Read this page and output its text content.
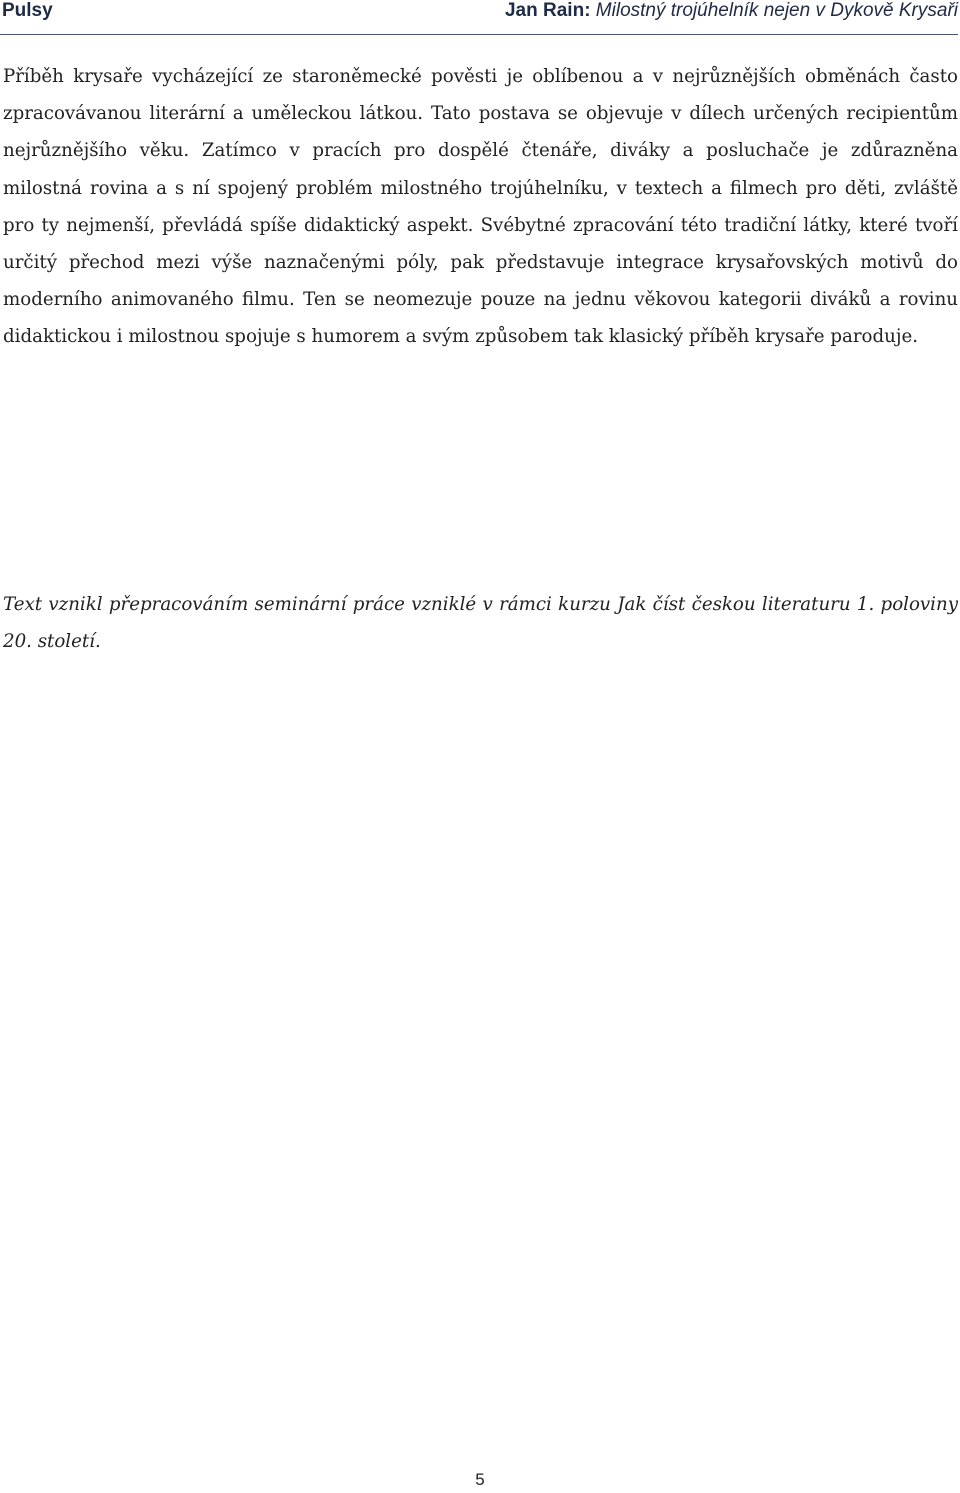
Pulsy	Jan Rain: Milostný trojúhelník nejen v Dykově Krysaři

Příběh krysaře vycházející ze staroněmecké pověsti je oblíbenou a v nejrůznějších obměnách často zpracovávanou literární a uměleckou látkou. Tato postava se objevuje v dílech určených recipientům nejrůznějšího věku. Zatímco v pracích pro dospělé čtenáře, diváky a posluchače je zdůrazněna milostná rovina a s ní spojený problém milostného trojúhelníku, v textech a filmech pro děti, zvláště pro ty nejmenší, převládá spíše didaktický aspekt. Svébytné zpracování této tradiční látky, které tvoří určitý přechod mezi výše naznačenými póly, pak představuje integrace krysařovských motivů do moderního animovaného filmu. Ten se neomezuje pouze na jednu věkovou kategorii diváků a rovinu didaktickou i milostnou spojuje s humorem a svým způsobem tak klasický příběh krysaře paroduje.

Text vznikl přepracováním seminární práce vzniklé v rámci kurzu Jak číst českou literaturu 1. poloviny 20. století.

5
